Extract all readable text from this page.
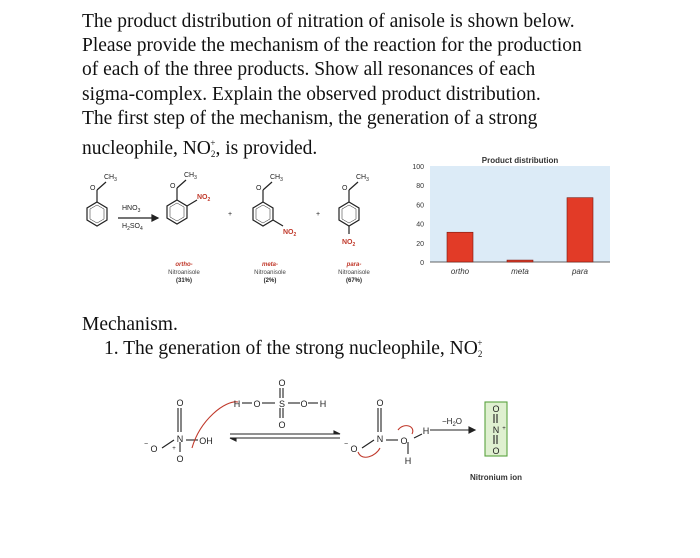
The product distribution of nitration of anisole is shown below.
Please provide the mechanism of the reaction for the production
of each of the three products. Show all resonances of each
sigma-complex. Explain the observed product distribution.
The first step of the mechanism, the generation of a strong
nucleophile, $NO_2^+$, is provided.

O
$CH_3$
$HNO_3$
$H_2SO_4$
O
$CH_3$
$NO_2$
+
O
$CH_3$
$NO_2$
+
O
$CH_3$
$NO_2$
ortho-
Nitroanisole
(31%)
meta-
Nitroanisole
(2%)
para-
Nitroanisole
(67%)
Product distribution
100
80
60
40
20
0
ortho	meta	para

Mechanism.

1. The generation of the strong nucleophile, $NO_2^+$

O
N
+
O
O
−	OH
O
S
O
O	O
H	H	O
N
O
−	O
H
H
$-H_2O$
O
N +
O
Nitronium ion
